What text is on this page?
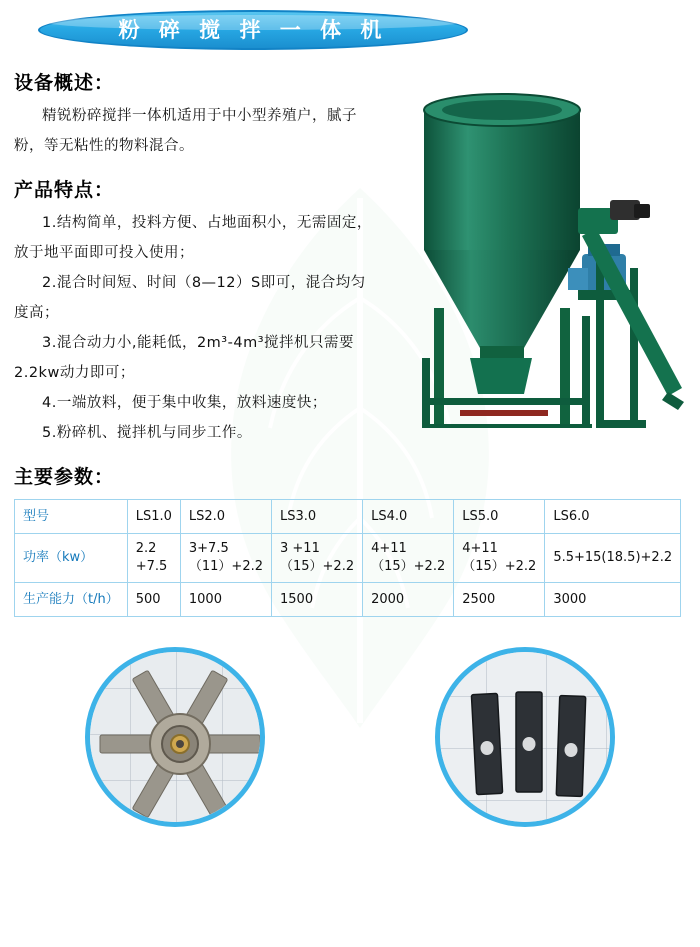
粉 碎 搅 拌 一 体 机
设备概述：

精锐粉碎搅拌一体机适用于中小型养殖户，腻子粉，等无粘性的物料混合。

产品特点：

1.结构简单，投料方便、占地面积小，无需固定，放于地平面即可投入使用；

2.混合时间短、时间（8—12）S即可，混合均匀度高；

3.混合动力小,能耗低，2m³-4m³搅拌机只需要2.2kw动力即可；

4.一端放料，便于集中收集，放料速度快；

5.粉碎机、搅拌机与同步工作。

主要参数：
型号	LS1.0	LS2.0	LS3.0	LS4.0	LS5.0	LS6.0
功率（kw）	2.2 +7.5	3+7.5（11）+2.2	3 +11（15）+2.2	4+11（15）+2.2	4+11（15）+2.2	5.5+15(18.5)+2.2
生产能力（t/h）	500	1000	1500	2000	2500	3000
